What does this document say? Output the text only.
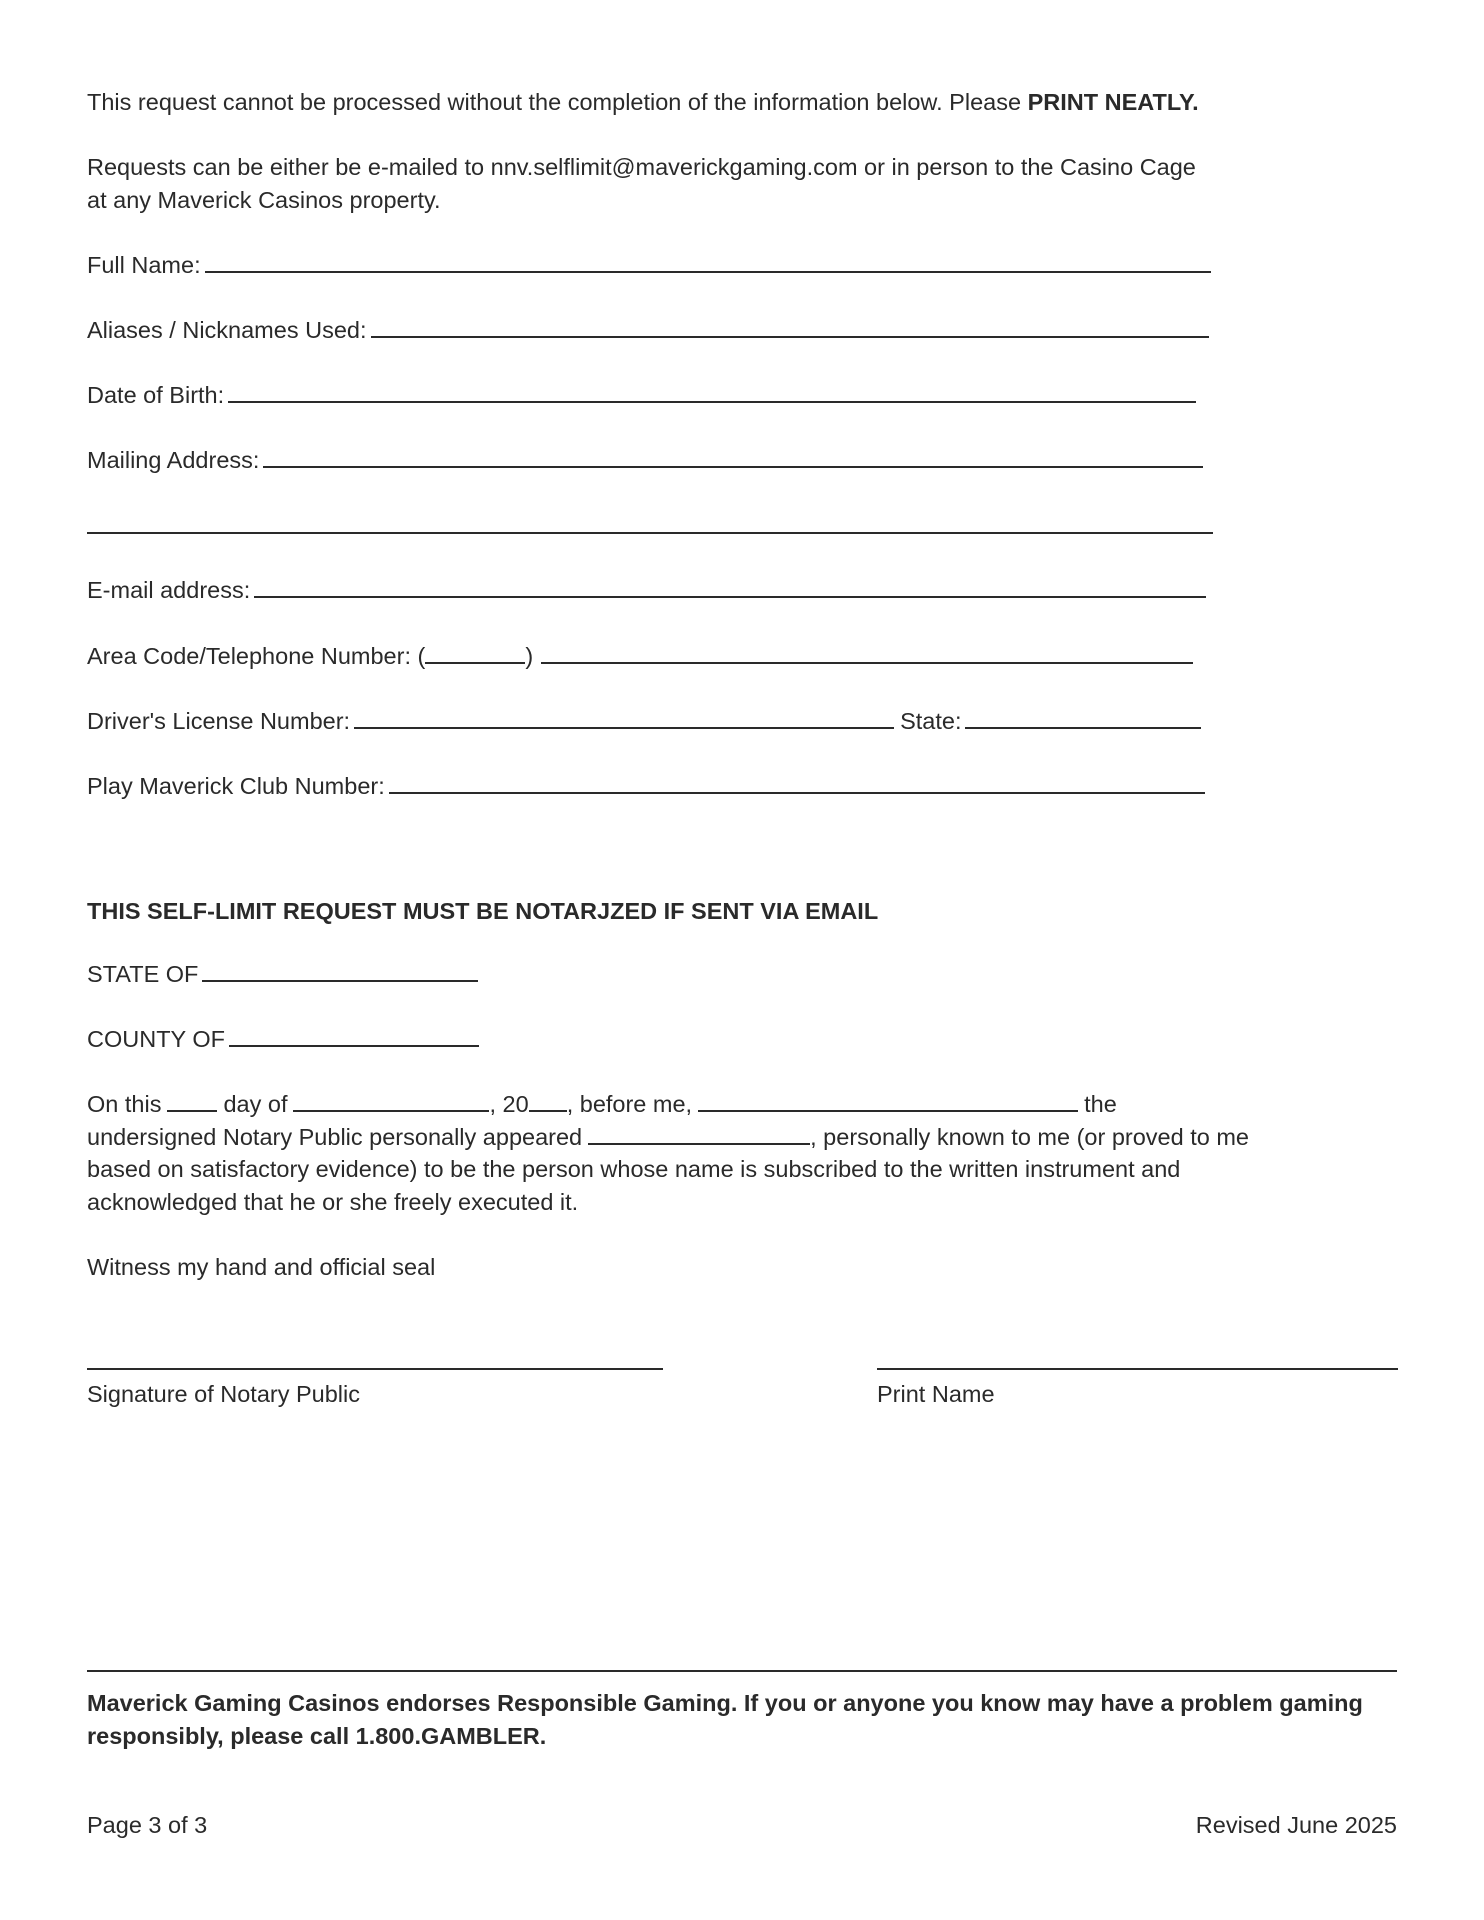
This request cannot be processed without the completion of the information below. Please PRINT NEATLY.
Requests can be either be e-mailed to nnv.selflimit@maverickgaming.com or in person to the Casino Cage
at any Maverick Casinos property.
Full Name:
Aliases / Nicknames Used:
Date of Birth:
Mailing Address:
E-mail address:
Area Code/Telephone Number: (	)
Driver's License Number:	State:
Play Maverick Club Number:
THIS SELF-LIMIT REQUEST MUST BE NOTARJZED IF SENT VIA EMAIL
STATE OF
COUNTY OF
On this	day of	, 20 , before me,	the
undersigned Notary Public personally appeared	, personally known to me (or proved to me
based on satisfactory evidence) to be the person whose name is subscribed to the written instrument and
acknowledged that he or she freely executed it.
Witness my hand and official seal
Signature of Notary Public	Print Name
Maverick Gaming Casinos endorses Responsible Gaming. If you or anyone you know may have a problem gaming
responsibly, please call 1.800.GAMBLER.
Page 3 of 3	Revised June 2025
